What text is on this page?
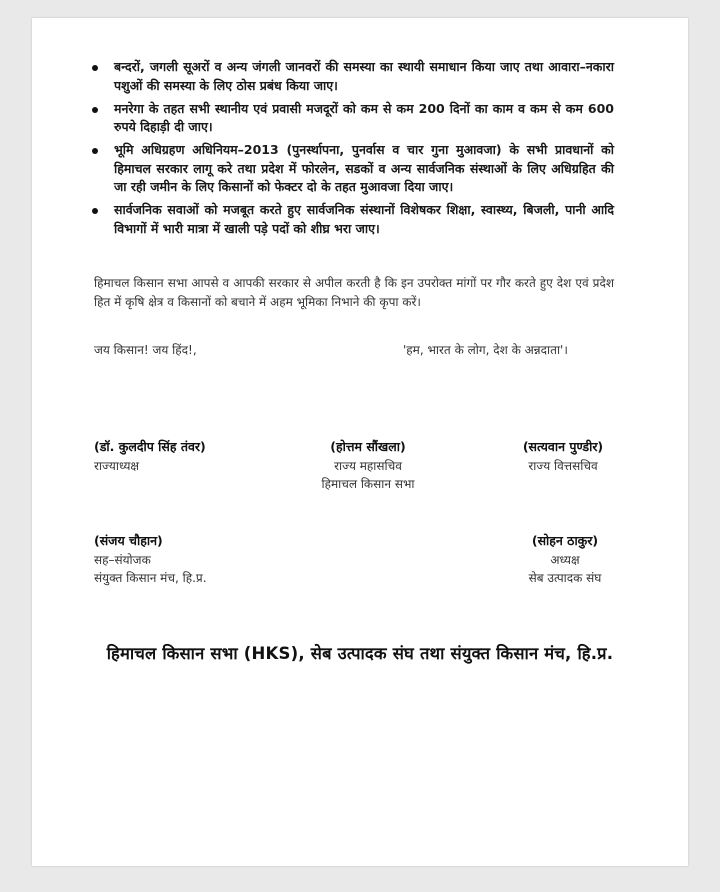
बन्दरों, जगली सूअरों व अन्य जंगली जानवरों की समस्या का स्थायी समाधान किया जाए तथा आवारा–नकारा पशुओं की समस्या के लिए ठोस प्रबंध किया जाए।
मनरेगा के तहत सभी स्थानीय एवं प्रवासी मजदूरों को कम से कम 200 दिनों का काम व कम से कम 600 रुपये दिहाड़ी दी जाए।
भूमि अधिग्रहण अधिनियम–2013 (पुनर्स्थापना, पुनर्वास व चार गुना मुआवजा) के सभी प्रावधानों को हिमाचल सरकार लागू करे तथा प्रदेश में फोरलेन, सडकों व अन्य सार्वजनिक संस्थाओं के लिए अधिग्रहित की जा रही जमीन के लिए किसानों को फेक्टर दो के तहत मुआवजा दिया जाए।
सार्वजनिक सवाओं को मजबूत करते हुए सार्वजनिक संस्थानों विशेषकर शिक्षा, स्वास्थ्य, बिजली, पानी आदि विभागों में भारी मात्रा में खाली पड़े पदों को शीघ्र भरा जाए।
हिमाचल किसान सभा आपसे व आपकी सरकार से अपील करती है कि इन उपरोक्त मांगों पर गौर करते हुए देश एवं प्रदेश हित में कृषि क्षेत्र व किसानों को बचाने में अहम भूमिका निभाने की कृपा करें।
जय किसान! जय हिंद!,	'हम, भारत के लोग, देश के अन्नदाता'।
(डॉ. कुलदीप सिंह तंवर)
राज्याध्यक्ष
(होत्तम सौंखला)
राज्य महासचिव
हिमाचल किसान सभा
(सत्यवान पुण्डीर)
राज्य वित्तसचिव
(संजय चौहान)
सह–संयोजक
संयुक्त किसान मंच, हि.प्र.
(सोहन ठाकुर)
अध्यक्ष
सेब उत्पादक संघ
हिमाचल किसान सभा (HKS), सेब उत्पादक संघ तथा संयुक्त किसान मंच, हि.प्र.
